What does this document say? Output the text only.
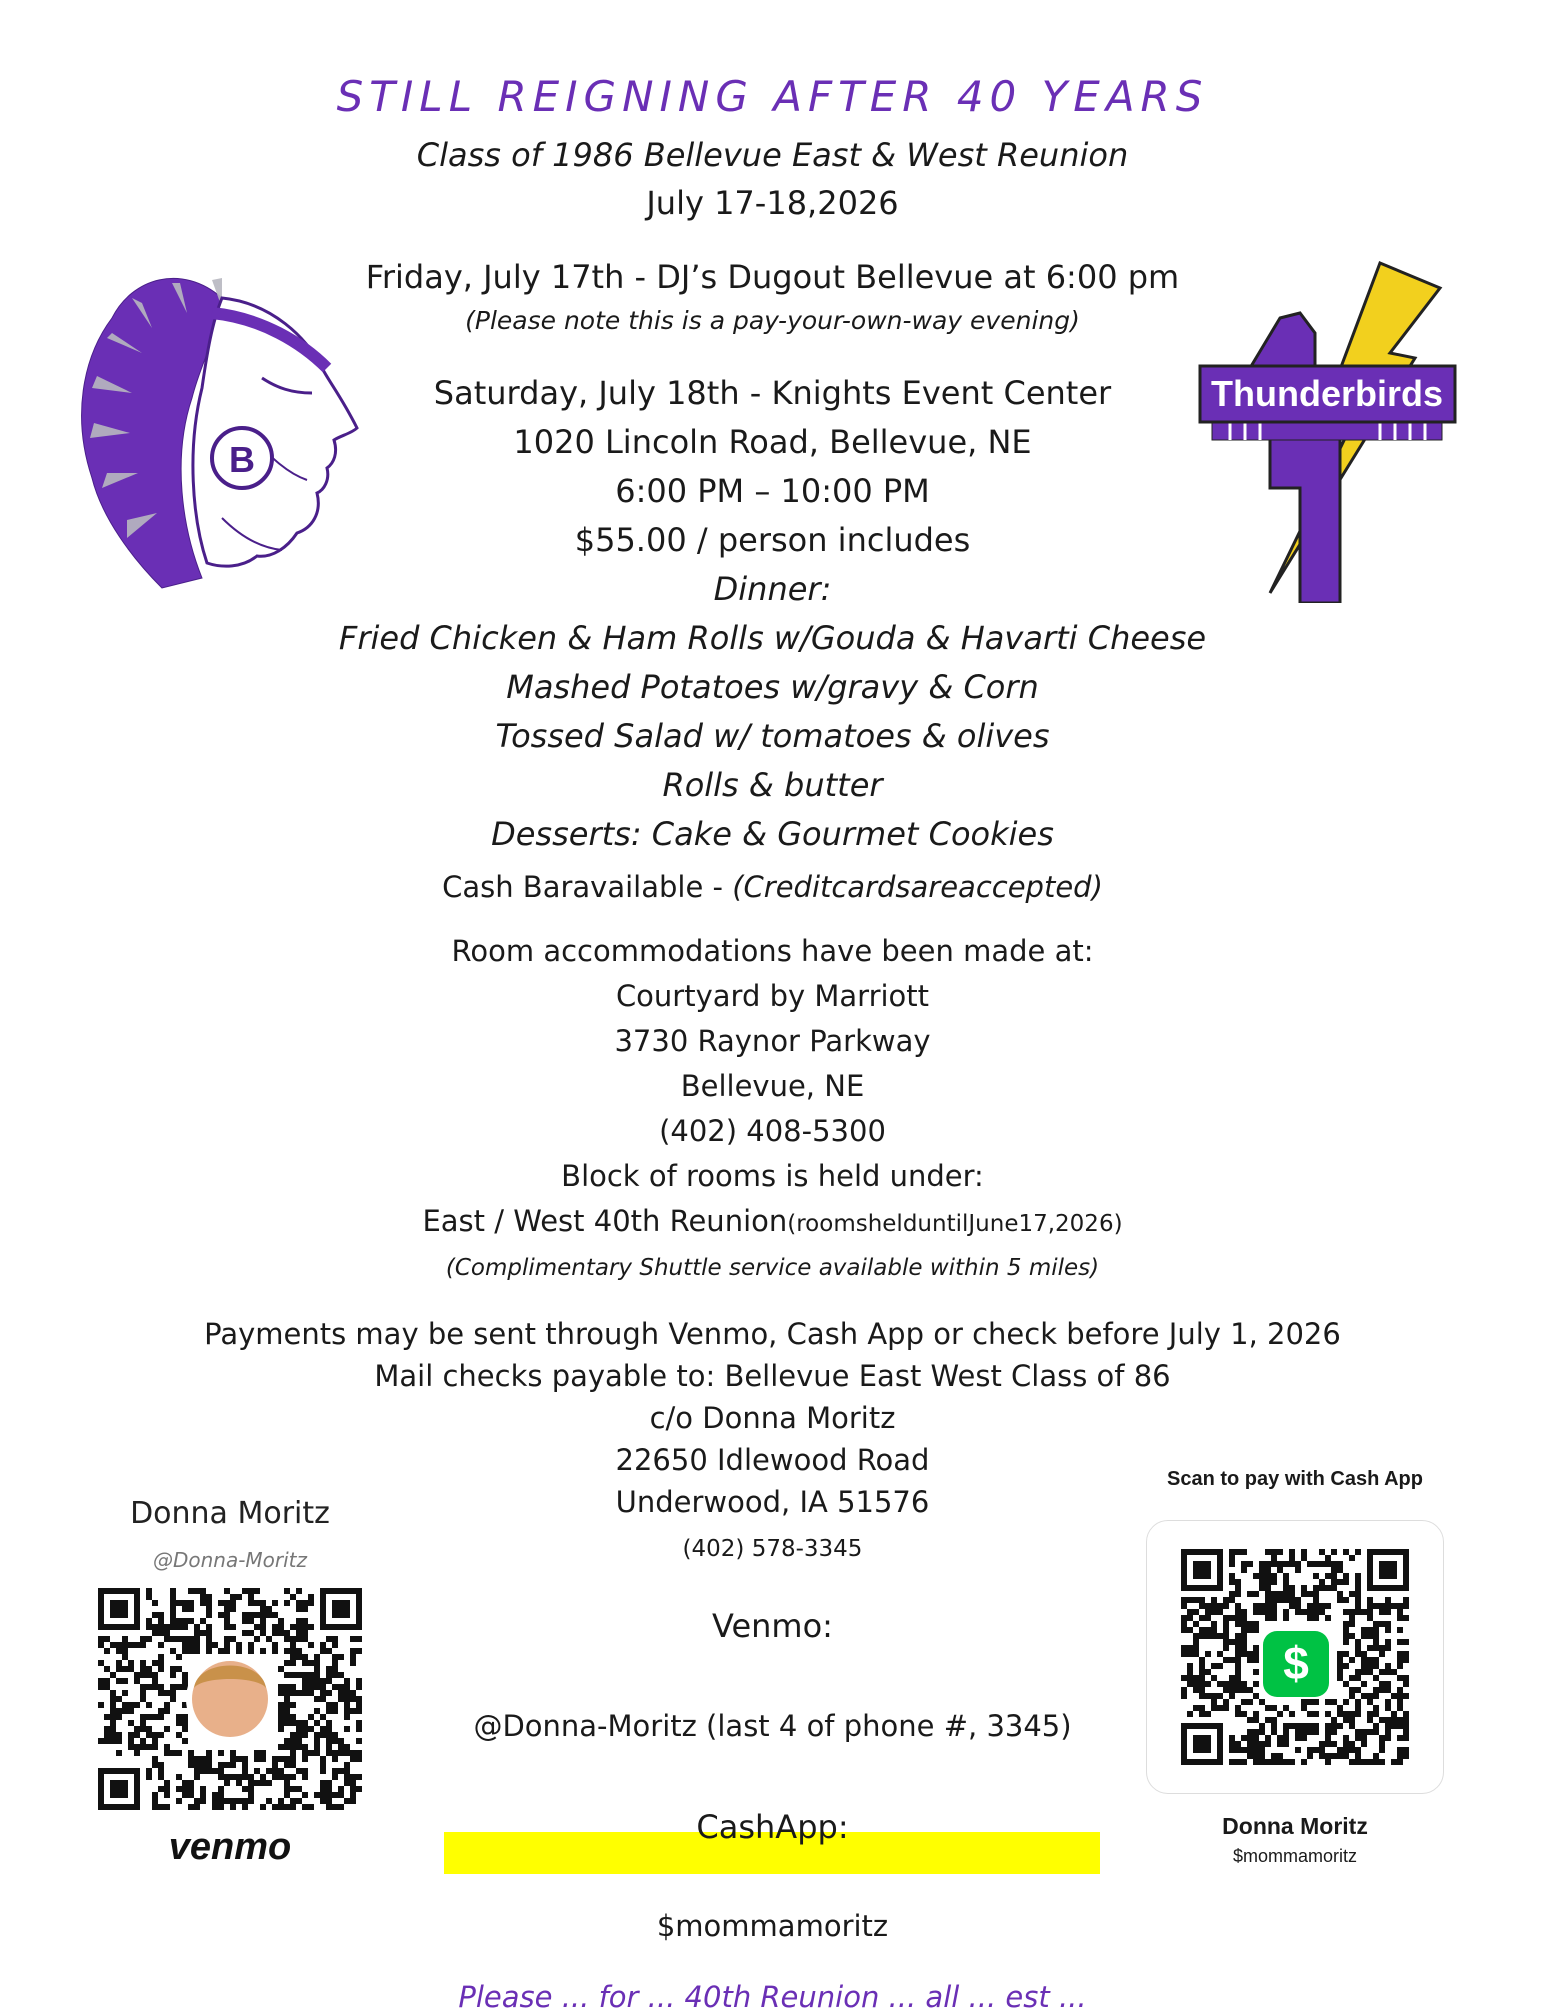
STILL REIGNING AFTER 40 YEARS
Class of 1986 Bellevue East & West Reunion
July 17-18,2026
Friday, July 17th - DJ’s Dugout Bellevue at 6:00 pm
(Please note this is a pay-your-own-way evening)
Saturday, July 18th - Knights Event Center
1020 Lincoln Road, Bellevue, NE
6:00 PM – 10:00 PM
$55.00 / person includes
Dinner:
Fried Chicken & Ham Rolls w/Gouda & Havarti Cheese
Mashed Potatoes w/gravy & Corn
Tossed Salad w/ tomatoes & olives
Rolls & butter
Desserts: Cake & Gourmet Cookies
Cash Baravailable - (Creditcardsareaccepted)
Room accommodations have been made at:
Courtyard by Marriott
3730 Raynor Parkway
Bellevue, NE
(402) 408-5300
Block of rooms is held under:
East / West 40th Reunion(roomshelduntilJune17,2026)
(Complimentary Shuttle service available within 5 miles)
Payments may be sent through Venmo, Cash App or check before July 1, 2026
Mail checks payable to: Bellevue East West Class of 86
c/o Donna Moritz
22650 Idlewood Road
Underwood, IA 51576
(402) 578-3345
Venmo:
@Donna-Moritz (last 4 of phone #, 3345)
CashApp:
$mommamoritz
Please ... for ... 40th Reunion ... all ... est ...
B
Thunderbirds
Donna Moritz
@Donna-Moritz
venmo
Scan to pay with Cash App
$
Donna Moritz
$mommamoritz
